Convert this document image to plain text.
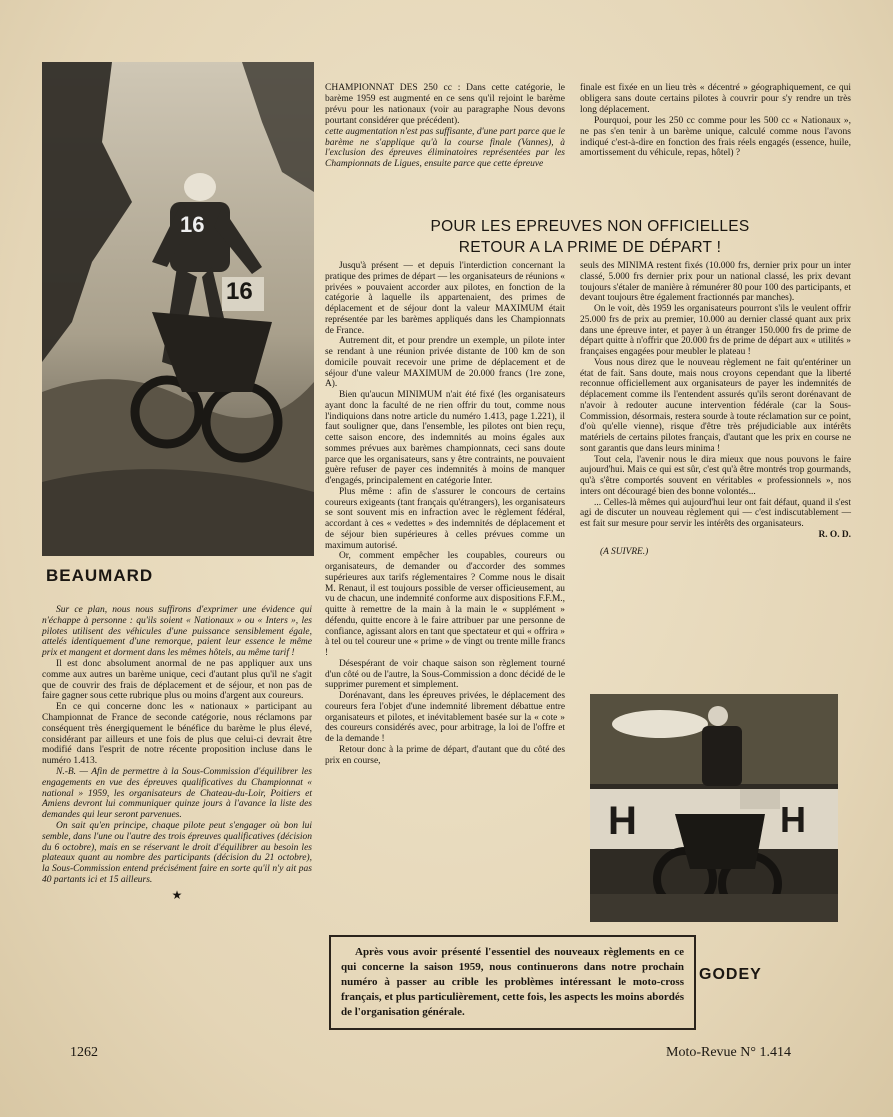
16
16
BEAUMARD

CHAMPIONNAT DES 250 cc : Dans cette catégorie, le barème 1959 est augmenté en ce sens qu'il rejoint le barème prévu pour les nationaux (voir au paragraphe Nous devons pourtant considérer que précédent).

cette augmentation n'est pas suffisante, d'une part parce que le barème ne s'applique qu'à la course finale (Vannes), à l'exclusion des épreuves éliminatoires représentées par les Championnats de Ligues, ensuite parce que cette épreuve

finale est fixée en un lieu très « décentré » géographiquement, ce qui obligera sans doute certains pilotes à couvrir pour s'y rendre un très long déplacement.

Pourquoi, pour les 250 cc comme pour les 500 cc « Nationaux », ne pas s'en tenir à un barème unique, calculé comme nous l'avons indiqué c'est-à-dire en fonction des frais réels engagés (essence, huile, amortissement du véhicule, repas, hôtel) ?

POUR LES EPREUVES NON OFFICIELLES
RETOUR A LA PRIME DE DÉPART !

Sur ce plan, nous nous suffirons d'exprimer une évidence qui n'échappe à personne : qu'ils soient « Nationaux » ou « Inters », les pilotes utilisent des véhicules d'une puissance sensiblement égale, attelés identiquement d'une remorque, paient leur essence le même prix et mangent et dorment dans les mêmes hôtels, au même tarif !

Il est donc absolument anormal de ne pas appliquer aux uns comme aux autres un barème unique, ceci d'autant plus qu'il ne s'agit que de couvrir des frais de déplacement et de séjour, et non pas de faire gagner sous cette rubrique plus ou moins d'argent aux coureurs.

En ce qui concerne donc les « nationaux » participant au Championnat de France de seconde catégorie, nous réclamons par conséquent très énergiquement le bénéfice du barème le plus élevé, considérant par ailleurs et une fois de plus que celui-ci devrait être modifié dans l'esprit de notre récente proposition incluse dans le numéro 1.413.

N.-B. — Afin de permettre à la Sous-Commission d'équilibrer les engagements en vue des épreuves qualificatives du Championnat « national » 1959, les organisateurs de Chateau-du-Loir, Poitiers et Amiens devront lui communiquer quinze jours à l'avance la liste des demandes qui leur seront parvenues.

On sait qu'en principe, chaque pilote peut s'engager où bon lui semble, dans l'une ou l'autre des trois épreuves qualificatives (décision du 6 octobre), mais en se réservant le droit d'équilibrer au besoin les plateaux quant au nombre des participants (décision du 21 octobre), la Sous-Commission entend précisément faire en sorte qu'il n'y ait pas 40 partants ici et 15 ailleurs.

★

Jusqu'à présent — et depuis l'interdiction concernant la pratique des primes de départ — les organisateurs de réunions « privées » pouvaient accorder aux pilotes, en fonction de la catégorie à laquelle ils appartenaient, des primes de déplacement et de séjour dont la valeur MAXIMUM était représentée par les barèmes appliqués dans les Championnats de France.

Autrement dit, et pour prendre un exemple, un pilote inter se rendant à une réunion privée distante de 100 km de son domicile pouvait recevoir une prime de déplacement et de séjour d'une valeur MAXIMUM de 20.000 francs (1re zone, A).

Bien qu'aucun MINIMUM n'ait été fixé (les organisateurs ayant donc la faculté de ne rien offrir du tout, comme nous l'indiquions dans notre article du numéro 1.413, page 1.221), il faut souligner que, dans l'ensemble, les pilotes ont bien reçu, cette saison encore, des indemnités au moins égales aux sommes prévues aux barèmes championnats, ceci sans doute parce que les organisateurs, sans y être contraints, ne pouvaient guère refuser de payer ces indemnités à moins de manquer d'engagés, principalement en catégorie Inter.

Plus même : afin de s'assurer le concours de certains coureurs exigeants (tant français qu'étrangers), les organisateurs se sont souvent mis en infraction avec le règlement fédéral, accordant à ces « vedettes » des indemnités de déplacement et de séjour bien supérieures à celles prévues comme un maximum autorisé.

Or, comment empêcher les coupables, coureurs ou organisateurs, de demander ou d'accorder des sommes supérieures aux tarifs réglementaires ? Comme nous le disait M. Renaut, il est toujours possible de verser officieusement, au vu de chacun, une indemnité conforme aux dispositions F.F.M., quitte à remettre de la main à la main le « supplément » défendu, quitte encore à le faire attribuer par une personne de confiance, agissant alors en tant que spectateur et qui « offrira » à tel ou tel coureur une « prime » de vingt ou trente mille francs !

Désespérant de voir chaque saison son règlement tourné d'un côté ou de l'autre, la Sous-Commission a donc décidé de le supprimer purement et simplement.

Dorénavant, dans les épreuves privées, le déplacement des coureurs fera l'objet d'une indemnité librement débattue entre organisateurs et pilotes, et inévitablement basée sur la « cote » des coureurs considérés avec, pour arbitrage, la loi de l'offre et de la demande !

Retour donc à la prime de départ, d'autant que du côté des prix en course,

seuls des MINIMA restent fixés (10.000 frs, dernier prix pour un inter classé, 5.000 frs dernier prix pour un national classé, les prix devant toujours s'étaler de manière à rémunérer 80 pour 100 des participants, et devant toujours être également fractionnés par manches).

On le voit, dès 1959 les organisateurs pourront s'ils le veulent offrir 25.000 frs de prix au premier, 10.000 au dernier classé quant aux prix dans une épreuve inter, et payer à un étranger 150.000 frs de prime de départ quitte à n'offrir que 20.000 frs de prime de départ aux « utilités » françaises engagées pour meubler le plateau !

Vous nous direz que le nouveau règlement ne fait qu'entériner un état de fait. Sans doute, mais nous croyons cependant que la liberté reconnue officiellement aux organisateurs de payer les indemnités de déplacement comme ils l'entendent assurés qu'ils seront dorénavant de n'avoir à redouter aucune intervention fédérale (car la Sous-Commission, désormais, restera sourde à toute réclamation sur ce point, d'où qu'elle vienne), risque d'être très préjudiciable aux intérêts matériels de certains pilotes français, d'autant que les prix en course ne sont garantis que dans leurs minima !

Tout cela, l'avenir nous le dira mieux que nous pouvons le faire aujourd'hui. Mais ce qui est sûr, c'est qu'à être montrés trop gourmands, qu'à s'être comportés souvent en véritables « professionnels », nos inters ont découragé bien des bonne volontés...

... Celles-là mêmes qui aujourd'hui leur ont fait défaut, quand il s'est agi de discuter un nouveau règlement qui — c'est indiscutablement — est fait sur mesure pour servir les intérêts des organisateurs.

R. O. D.

(A SUIVRE.)

H	H
Après vous avoir présenté l'essentiel des nouveaux règlements en ce qui concerne la saison 1959, nous continuerons dans notre prochain numéro à passer au crible les problèmes intéressant le moto-cross français, et plus particulièrement, cette fois, les aspects les moins abordés de l'organisation générale.
GODEY
1262	Moto-Revue N° 1.414
